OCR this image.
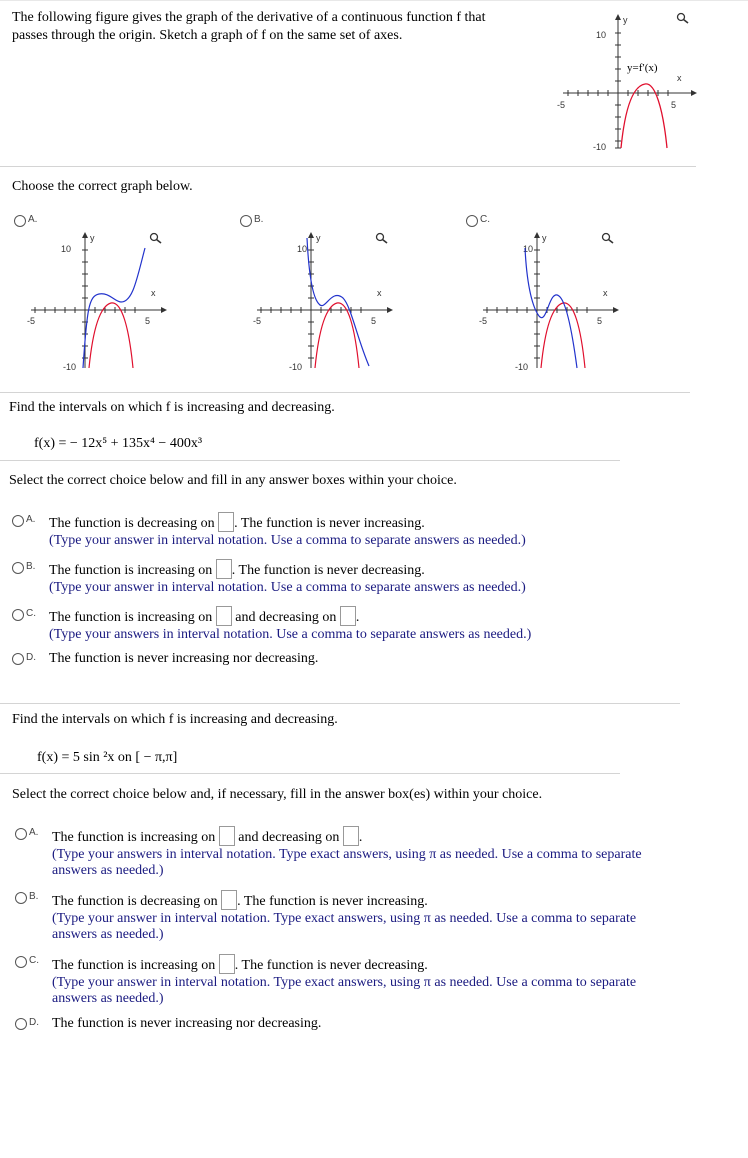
The following figure gives the graph of the derivative of a continuous function f that
passes through the origin. Sketch a graph of f on the same set of axes.
y
10
-10
-5	5
x
y=f′(x)
Choose the correct graph below.
A.
y
10
-10
-5	5
x
B.
y
10
-10
-5	5
x
C.
y
10
-10
-5	5
x
Find the intervals on which f is increasing and decreasing.
f(x) = − 12x⁵ + 135x⁴ − 400x³
Select the correct choice below and fill in any answer boxes within your choice.
A. The function is decreasing on . The function is never increasing.
(Type your answer in interval notation. Use a comma to separate answers as needed.)
B. The function is increasing on . The function is never decreasing.
(Type your answer in interval notation. Use a comma to separate answers as needed.)
C. The function is increasing on and decreasing on .
(Type your answers in interval notation. Use a comma to separate answers as needed.)
D. The function is never increasing nor decreasing.
Find the intervals on which f is increasing and decreasing.
f(x) = 5 sin ²x on [ − π,π]
Select the correct choice below and, if necessary, fill in the answer box(es) within your choice.
A. The function is increasing on and decreasing on .
(Type your answers in interval notation. Type exact answers, using π as needed. Use a comma to separate
answers as needed.)
B. The function is decreasing on . The function is never increasing.
(Type your answer in interval notation. Type exact answers, using π as needed. Use a comma to separate
answers as needed.)
C. The function is increasing on . The function is never decreasing.
(Type your answer in interval notation. Type exact answers, using π as needed. Use a comma to separate
answers as needed.)
D. The function is never increasing nor decreasing.
